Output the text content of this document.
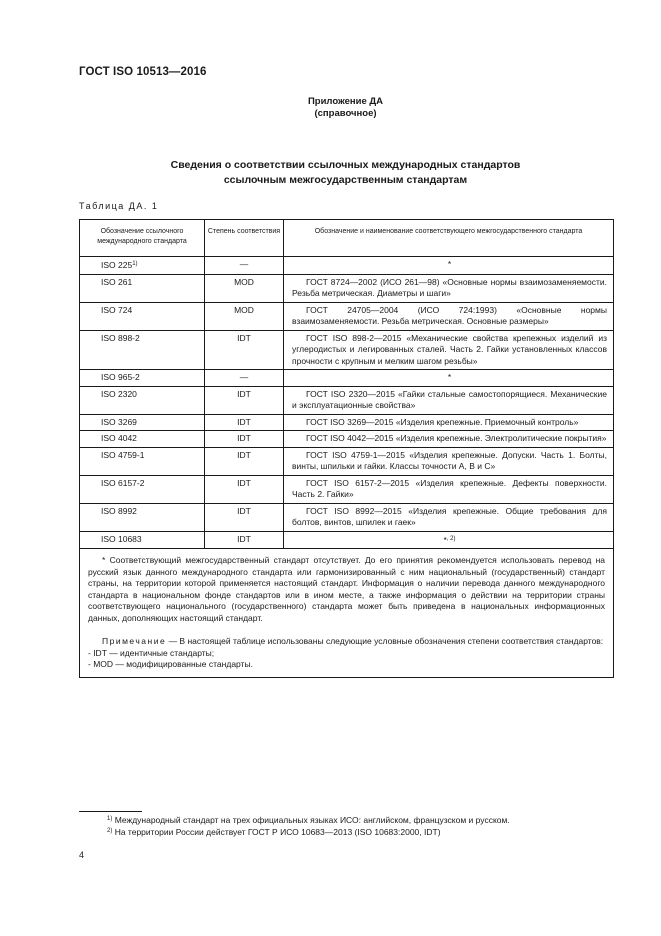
ГОСТ ISO 10513—2016
Приложение ДА
(справочное)
Сведения о соответствии ссылочных международных стандартов
ссылочным межгосударственным стандартам
Таблица ДА. 1
Обозначение ссылочного международного стандарта	Степень соответствия	Обозначение и наименование соответствующего межгосударственного стандарта
ISO 225$^{1)}$	—	*
ISO 261	MOD	ГОСТ 8724—2002 (ИСО 261—98) «Основные нормы взаимозаменяемости. Резьба метрическая. Диаметры и шаги»
ISO 724	MOD	ГОСТ 24705—2004 (ИСО 724:1993) «Основные нормы взаимозаменяемости. Резьба метрическая. Основные размеры»
ISO 898-2	IDT	ГОСТ ISO 898-2—2015 «Механические свойства крепежных изделий из углеродистых и легированных сталей. Часть 2. Гайки установленных классов прочности с крупным и мелким шагом резьбы»
ISO 965-2	—	*
ISO 2320	IDT	ГОСТ ISO 2320—2015 «Гайки стальные самостопорящиеся. Механические и эксплуатационные свойства»
ISO 3269	IDT	ГОСТ ISO 3269—2015 «Изделия крепежные. Приемочный контроль»
ISO 4042	IDT	ГОСТ ISO 4042—2015 «Изделия крепежные. Электролитические покрытия»
ISO 4759-1	IDT	ГОСТ ISO 4759-1—2015 «Изделия крепежные. Допуски. Часть 1. Болты, винты, шпильки и гайки. Классы точности A, B и C»
ISO 6157-2	IDT	ГОСТ ISO 6157-2—2015 «Изделия крепежные. Дефекты поверхности. Часть 2. Гайки»
ISO 8992	IDT	ГОСТ ISO 8992—2015 «Изделия крепежные. Общие требования для болтов, винтов, шпилек и гаек»
ISO 10683	IDT	*$^{, 2)}$

* Соответствующий межгосударственный стандарт отсутствует. До его принятия рекомендуется использовать перевод на русский язык данного международного стандарта или гармонизированный с ним национальный (государственный) стандарт страны, на территории которой применяется настоящий стандарт. Информация о наличии перевода данного международного стандарта в национальном фонде стандартов или в ином месте, а также информация о действии на территории страны соответствующего национального (государственного) стандарта может быть приведена в национальных информационных данных, дополняющих настоящий стандарт.
Примечание — В настоящей таблице использованы следующие условные обозначения степени соответствия стандартов:
- IDT — идентичные стандарты;
- MOD — модифицированные стандарты.		
$^{1)}$ Международный стандарт на трех официальных языках ИСО: английском, французском и русском.
$^{2)}$ На территории России действует ГОСТ Р ИСО 10683—2013 (ISO 10683:2000, IDT)
4
